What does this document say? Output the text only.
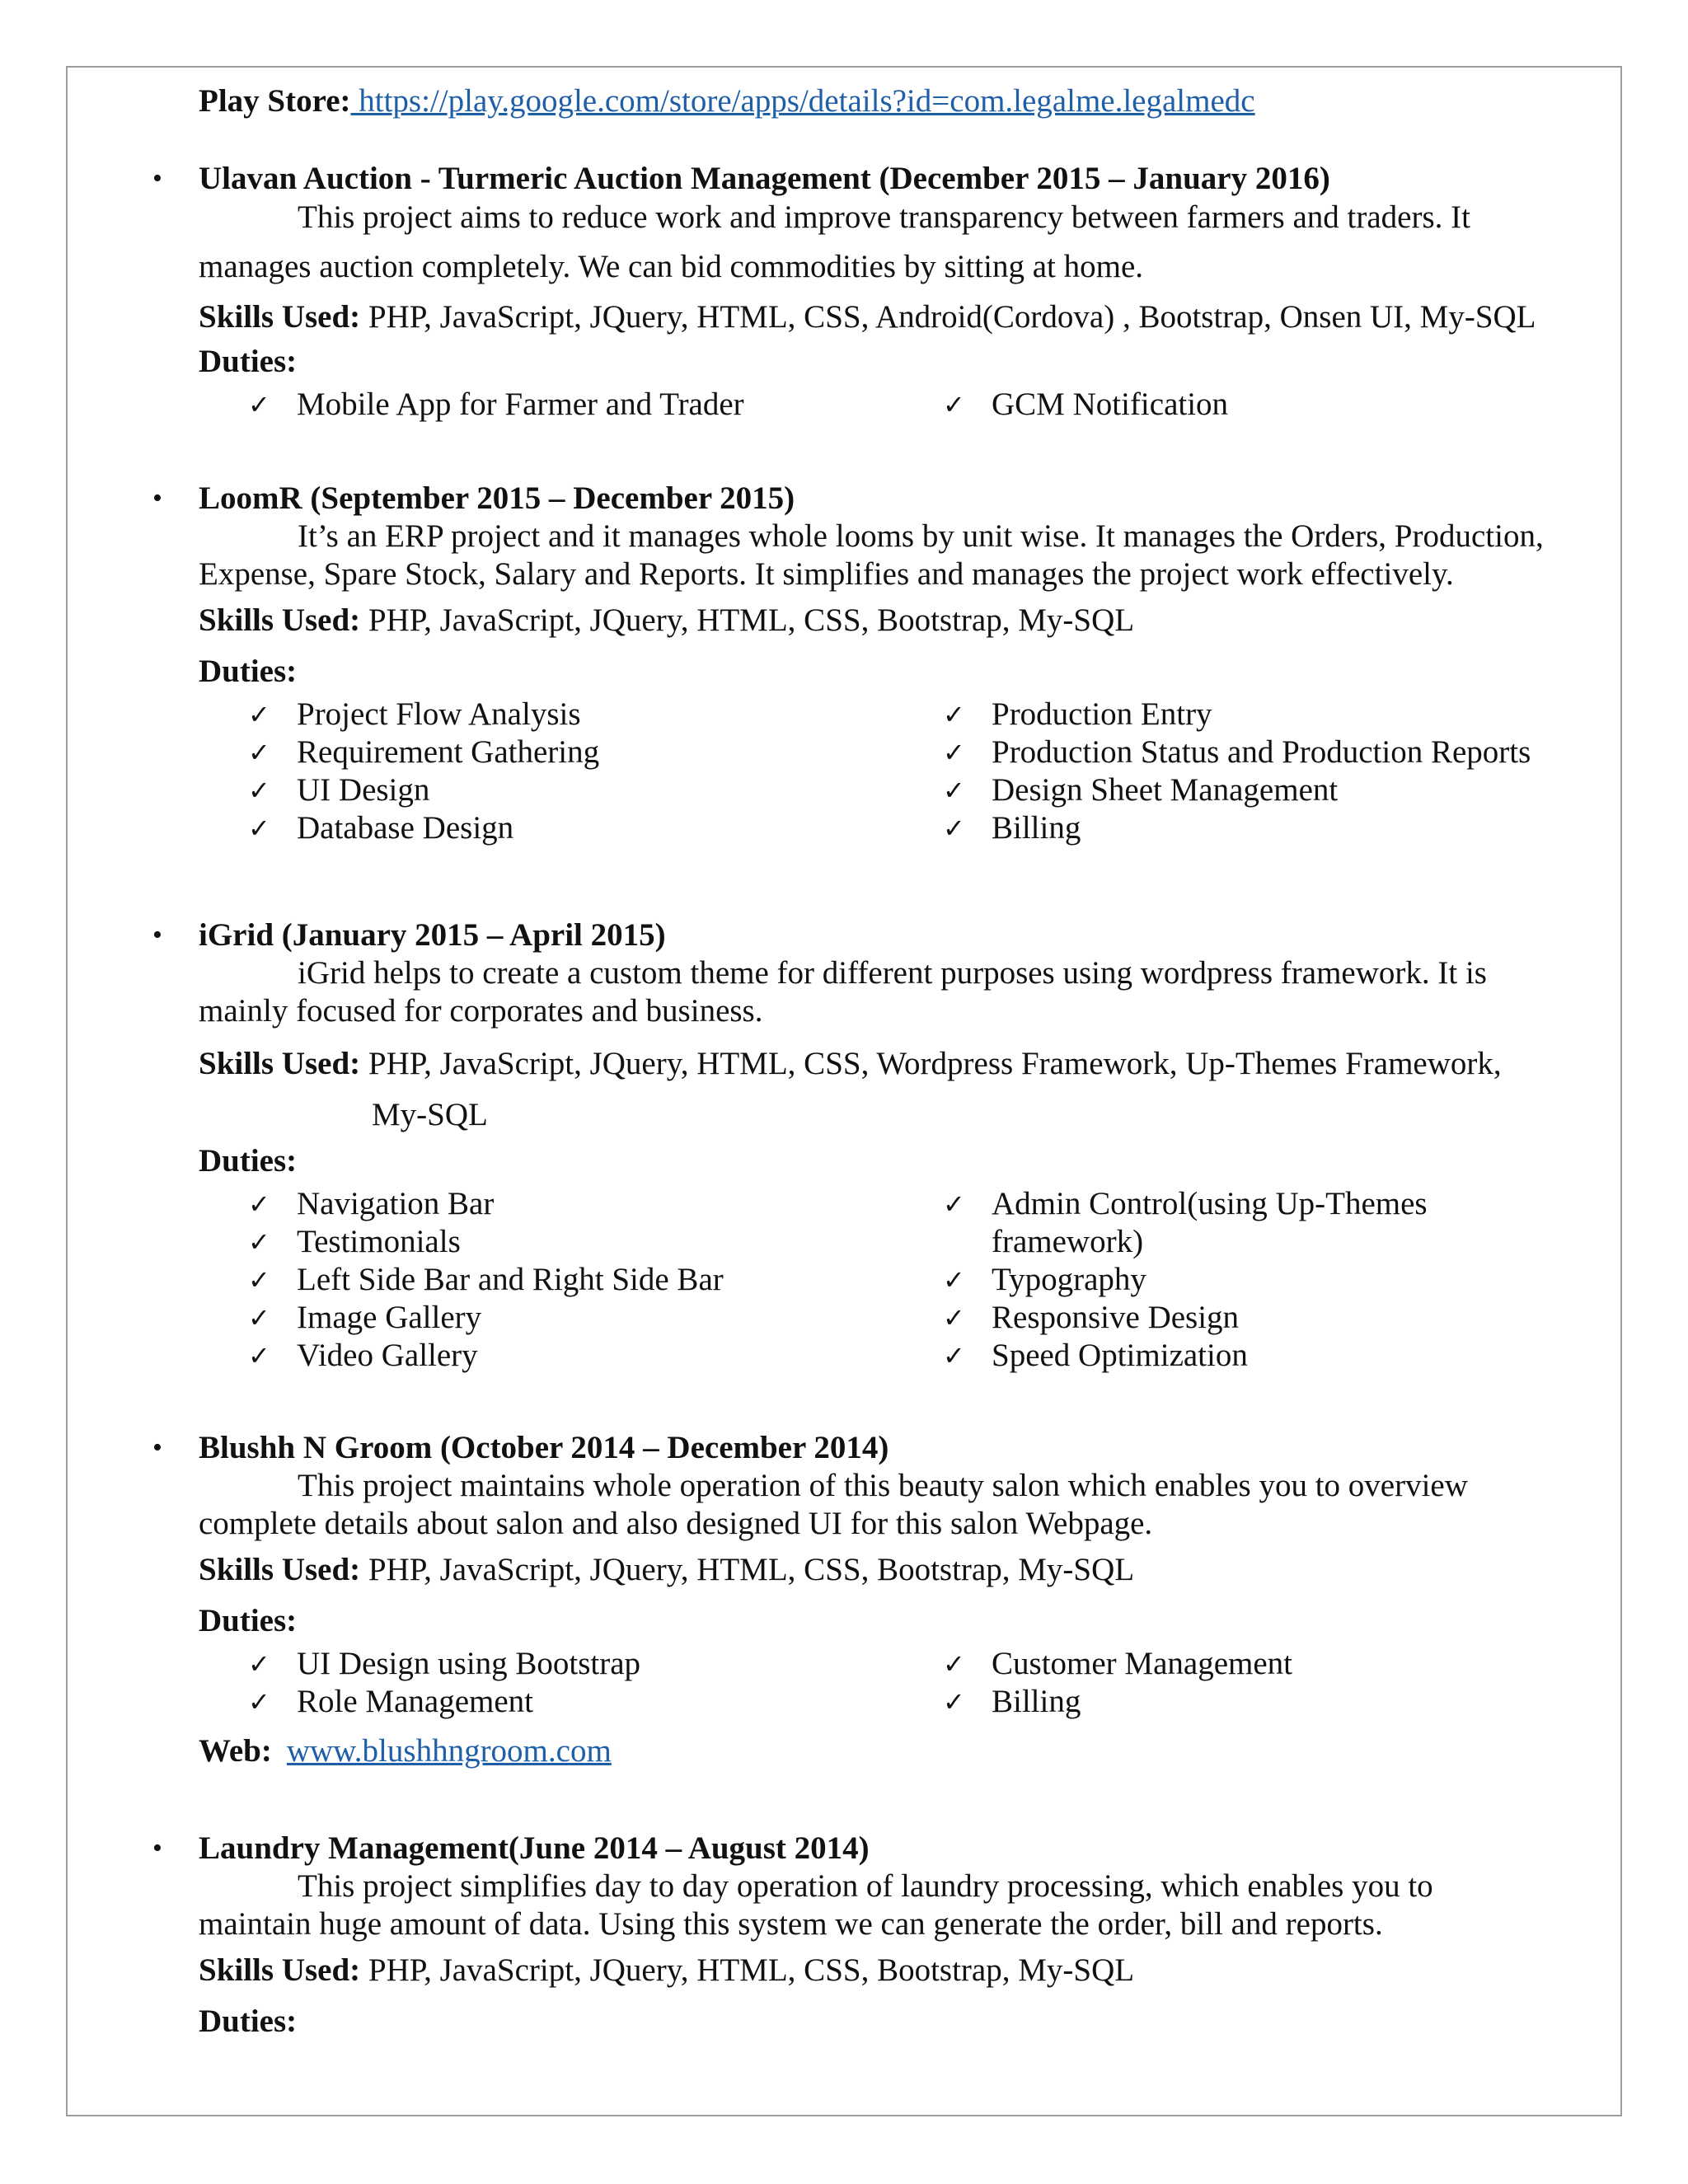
Play Store: https://play.google.com/store/apps/details?id=com.legalme.legalmedc

• Ulavan Auction - Turmeric Auction Management (December 2015 – January 2016)

This project aims to reduce work and improve transparency between farmers and traders. It
manages auction completely. We can bid commodities by sitting at home.

Skills Used: PHP, JavaScript, JQuery, HTML, CSS, Android(Cordova) , Bootstrap, Onsen UI, My-SQL

Duties:

✓ Mobile App for Farmer and Trader	✓ GCM Notification
• LoomR (September 2015 – December 2015)

It’s an ERP project and it manages whole looms by unit wise. It manages the Orders, Production,
Expense, Spare Stock, Salary and Reports. It simplifies and manages the project work effectively.

Skills Used: PHP, JavaScript, JQuery, HTML, CSS, Bootstrap, My-SQL

Duties:

✓ Project Flow Analysis
✓ Requirement Gathering
✓ UI Design
✓ Database Design
✓ Production Entry
✓ Production Status and Production Reports
✓ Design Sheet Management
✓ Billing
• iGrid (January 2015 – April 2015)

iGrid helps to create a custom theme for different purposes using wordpress framework. It is
mainly focused for corporates and business.

Skills Used: PHP, JavaScript, JQuery, HTML, CSS, Wordpress Framework, Up-Themes Framework,
My-SQL

Duties:

✓ Navigation Bar
✓ Testimonials
✓ Left Side Bar and Right Side Bar
✓ Image Gallery
✓ Video Gallery
✓ Admin Control(using Up-Themes
framework)
✓ Typography
✓ Responsive Design
✓ Speed Optimization
• Blushh N Groom (October 2014 – December 2014)

This project maintains whole operation of this beauty salon which enables you to overview
complete details about salon and also designed UI for this salon Webpage.

Skills Used: PHP, JavaScript, JQuery, HTML, CSS, Bootstrap, My-SQL

Duties:

✓ UI Design using Bootstrap
✓ Role Management
✓ Customer Management
✓ Billing

Web: www.blushhngroom.com

• Laundry Management(June 2014 – August 2014)

This project simplifies day to day operation of laundry processing, which enables you to
maintain huge amount of data. Using this system we can generate the order, bill and reports.

Skills Used: PHP, JavaScript, JQuery, HTML, CSS, Bootstrap, My-SQL

Duties:
